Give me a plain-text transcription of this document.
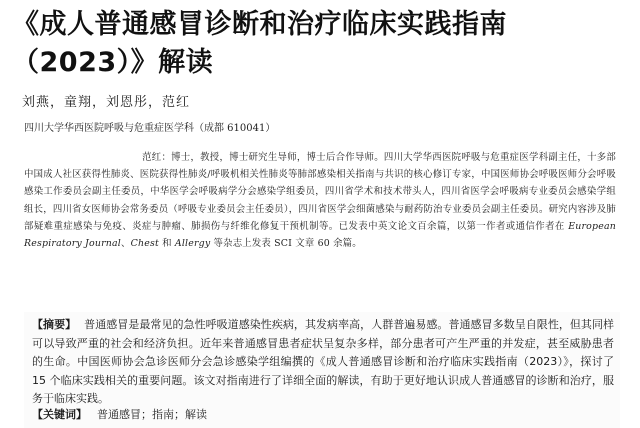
《成人普通感冒诊断和治疗临床实践指南
（2023）》解读
刘燕，童翔，刘恩彤，范红
四川大学华西医院呼吸与危重症医学科（成都 610041）
范红：博士，教授，博士研究生导师，博士后合作导师。四川大学华西医院呼吸与危重症医学科副主任，十多部中国成人社区获得性肺炎、医院获得性肺炎/呼吸机相关性肺炎等肺部感染相关指南与共识的核心修订专家，中国医师协会呼吸医师分会呼吸感染工作委员会副主任委员，中华医学会呼吸病学分会感染学组委员，四川省学术和技术带头人，四川省医学会呼吸病专业委员会感染学组组长，四川省女医师协会常务委员（呼吸专业委员会主任委员），四川省医学会细菌感染与耐药防治专业委员会副主任委员。研究内容涉及肺部疑难重症感染与免疫、炎症与肿瘤、肺损伤与纤维化修复干预机制等。已发表中英文论文百余篇，以第一作者或通信作者在 European Respiratory Journal、Chest 和 Allergy 等杂志上发表 SCI 文章 60 余篇。
【摘要】 普通感冒是最常见的急性呼吸道感染性疾病，其发病率高，人群普遍易感。普通感冒多数呈自限性，但其同样可以导致严重的社会和经济负担。近年来普通感冒患者症状呈复杂多样，部分患者可产生严重的并发症，甚至威胁患者的生命。中国医师协会急诊医师分会急诊感染学组编撰的《成人普通感冒诊断和治疗临床实践指南（2023）》，探讨了 15 个临床实践相关的重要问题。该文对指南进行了详细全面的解读，有助于更好地认识成人普通感冒的诊断和治疗，服务于临床实践。
【关键词】 普通感冒；指南；解读
